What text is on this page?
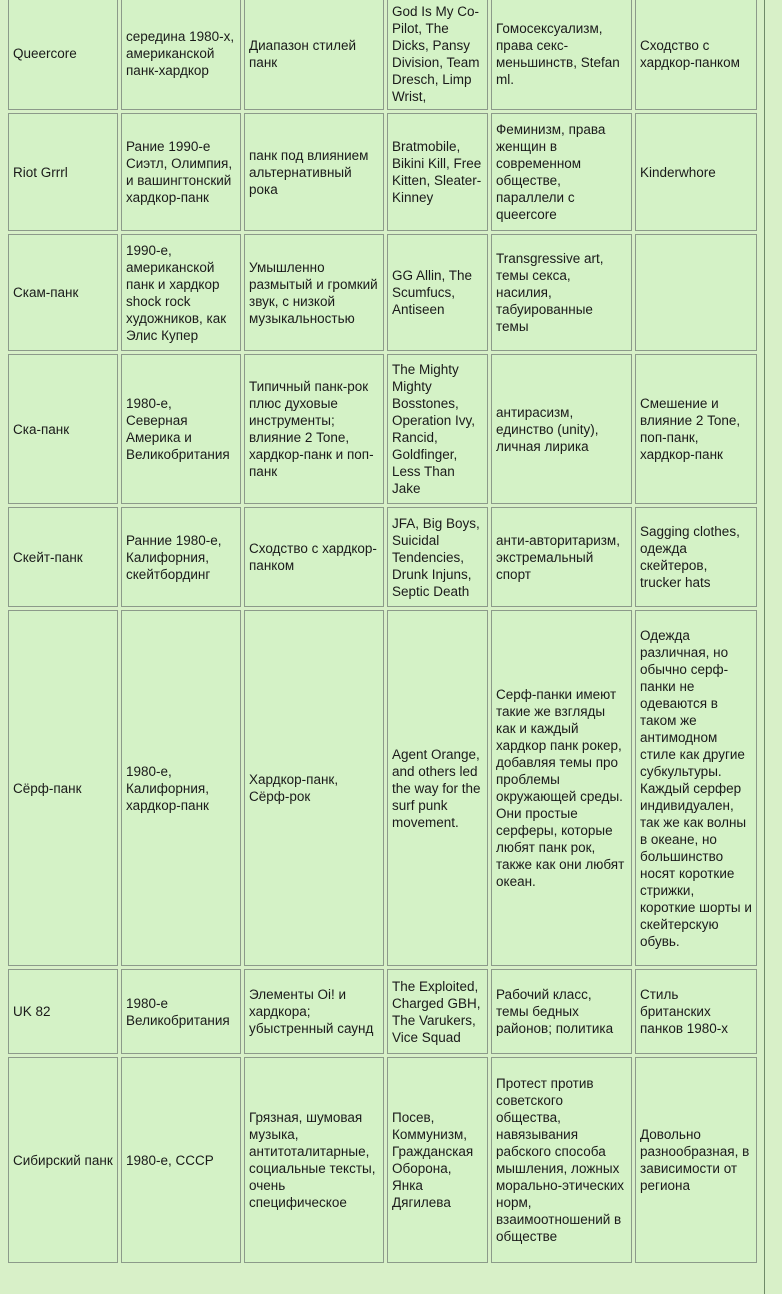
Queercore	середина 1980-х, американской панк-хардкор	Диапазон стилей панк	God Is My Co-Pilot, The Dicks, Pansy Division, Team Dresch, Limp Wrist,	Гомосексуализм, права секс-меньшинств, Stefan ml.	Сходство с хардкор-панком
Riot Grrrl	Рание 1990-е Сиэтл, Олимпия, и вашингтонский хардкор-панк	панк под влиянием альтернативный рока	Bratmobile, Bikini Kill, Free Kitten, Sleater-Kinney	Феминизм, права женщин в современном обществе, параллели с queercore	Kinderwhore
Скам-панк	1990-е, американской панк и хардкор shock rock художников, как Элис Купер	Умышленно размытый и громкий звук, с низкой музыкальностью	GG Allin, The Scumfucs, Antiseen	Transgressive art, темы секса, насилия, табуированные темы	
Ска-панк	1980-е, Северная Америка и Великобритания	Типичный панк-рок плюс духовые инструменты; влияние 2 Tone, хардкор-панк и поп-панк	The Mighty Mighty Bosstones, Operation Ivy, Rancid, Goldfinger, Less Than Jake	антирасизм, единство (unity), личная лирика	Смешение и влияние 2 Tone, поп-панк, хардкор-панк
Скейт-панк	Ранние 1980-е, Калифорния, скейтбординг	Сходство с хардкор-панком	JFA, Big Boys, Suicidal Tendencies, Drunk Injuns, Septic Death	анти-авторитаризм, экстремальный спорт	Sagging clothes, одежда скейтеров, trucker hats
Сёрф-панк	1980-е, Калифорния, хардкор-панк	Хардкор-панк, Сёрф-рок	Agent Orange, and others led the way for the surf punk movement.	Серф-панки имеют такие же взгляды как и каждый хардкор панк рокер, добавляя темы про проблемы окружающей среды. Они простые серферы, которые любят панк рок, также как они любят океан.	Одежда различная, но обычно серф-панки не одеваются в таком же антимодном стиле как другие субкультуры. Каждый серфер индивидуален, так же как волны в океане, но большинство носят короткие стрижки, короткие шорты и скейтерскую обувь.
UK 82	1980-е Великобритания	Элементы Oi! и хардкора; убыстренный саунд	The Exploited, Charged GBH, The Varukers, Vice Squad	Рабочий класс, темы бедных районов; политика	Стиль британских панков 1980-х
Сибирский панк	1980-е, СССР	Грязная, шумовая музыка, антитоталитарные, социальные тексты, очень специфическое	Посев, Коммунизм, Гражданская Оборона, Янка Дягилева	Протест против советского общества, навязывания рабского способа мышления, ложных морально-этических норм, взаимоотношений в обществе	Довольно разнообразная, в зависимости от региона
